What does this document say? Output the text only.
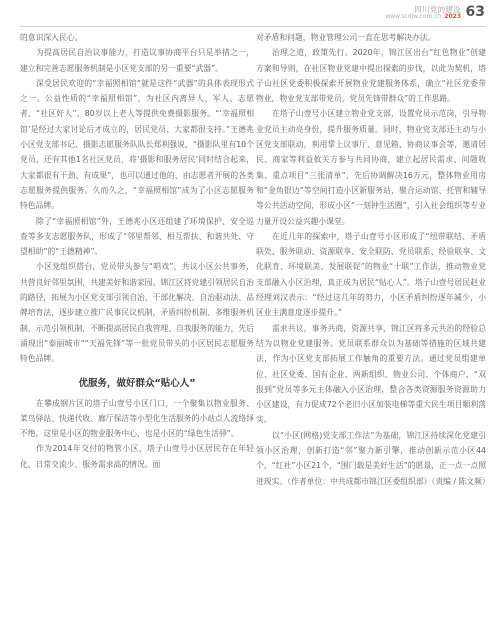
四川党的建设
www.scdjw.com.cn 2023 63

的意识深入民心。

为提高居民自治议事能力，打造议事协商平台只是举措之一，建立和完善志愿服务机制是小区党支部的另一重要“武器”。

深受居民欢迎的“幸福照相馆”就是这件“武器”的具体表现形式之一。公益性质的“幸福照相馆”，为社区内离异人、军人、志愿者、“社区好人”、80岁以上老人等提供免费摄影服务。“‘幸福照相馆’是经过大家讨论后才成立的，居民党员、大家都很支持。”王德兆小区党支部书记、摄影志愿服务队队长郑利强说，“摄影队里有10个党员，还有其他1名社区党员，将‘摄影和服务居民’同时结合起来，大家都很有干劲、有成果”，也可以通过他的、由志愿者开展的各类志愿服务提供服务。久而久之，“幸福照相馆”成为了小区志愿服务特色品牌。

除了“幸福照相馆”外，王德兆小区还组建了环境保护、安全巡查等多支志愿服务队，形成了“邻里帮邻、相互帮扶、和谐共处、守望相助”的“王德精神”。

小区党组织搭台，党员带头参与“唱戏”，共议小区公共事务，共营良好邻里氛围，共建美好和谐家园。锦江区将党建引领居民自治的路径，拓展为小区党支部引领自治、干部化解决、自治驱动法、品牌培育法，逐步建立推广民事民议机制，矛盾纠纷机制、多维服务机制，示范引领机制，不断提高居民自我管理、自我服务的能力，先后涌现出“泰丽城市”“天福先锋”等一批党员带头的小区居民志愿服务特色品牌。

优服务，做好群众“贴心人”

在攀成钢片区的塔子山壹号小区门口，一个聚集以物业服务、菜鸟驿站、快递代收、廊厅保洁等小型化生活服务的小站点人流络绎不绝，这里是小区的物业服务中心，也是小区的“绿色生活驿”。

作为2014年交付的物管小区，塔子山壹号小区居民存在年轻化、日常交流少、服务需求高的情况。面

对矛盾和问题，物业管理公司一直在思考解决办法。

治理之道，政策先行。2020年，锦江区出台“红色物业”创建方案和导则，在社区物业党建中提出探索的步伐，以此为契机，塔子山社区党委积极探索开展物业党建服务体系，确立“社区党委带物业，物业党支部带党员，党员先锋带群众”的工作思路。

在塔子山壹号小区建立物业党支部，设置党员示范岗，引导物业党员主动亮身份，提升服务质量。同时，物业党支部还主动与小区党支部联动，利用掌上议事厅、意见箱、协商议事会等，邀请居民、商家等利益攸关方参与共同协商，建立起居民需求、问题收集、重点项目“三张清单”，先后协调解决16万元，整体物业用房和“金角银边”等空间打造小区新服务站，聚合运动馆、托管和辅导等公共活动空间，形成小区“一刻钟生活圈”，引入社会组织等专业力量开设公益兴趣小课堂。

在近几年的探索中，塔子山壹号小区形成了“纽带联结、矛盾联处、服务联动、资源联享、安全联防、党员联系、经验联享、文化联育、环境联美、发展联促”的物业“十联”工作法，推动物业党支部融入小区治理，真正成为居民“贴心人”。塔子山壹号居民赵业经理刘汉表示：“经过这几年的努力，小区矛盾纠纷逐年减少，小区业主满意度逐步提升。”

需求共议，事务共商，资源共享，锦江区将多元共治的经验总结为以物业党建服务。党员联系群众以为基础等措施的区域共建法，作为小区党支部拓展工作触角的重要方法。通过党员组建单位、社区党委、国有企业、两新组织、物业公司、个体商户、“双报到”党员等多元主体融入小区治理，整合各类资源服务资源助力小区建设，有力促成72个老旧小区加装电梯等重大民生项目顺利落实。

以“小区(网格)党支部工作法”为基础，锦江区持续深化党建引领小区治理，创新打造“邻”聚力新引擎，推动创新示范小区44个，“红社”小区21个，“围门载是美好生活”的愿景，正一点一点照进现实。（作者单位：中共成都市锦江区委组织部）（责编 / 陈文频）
